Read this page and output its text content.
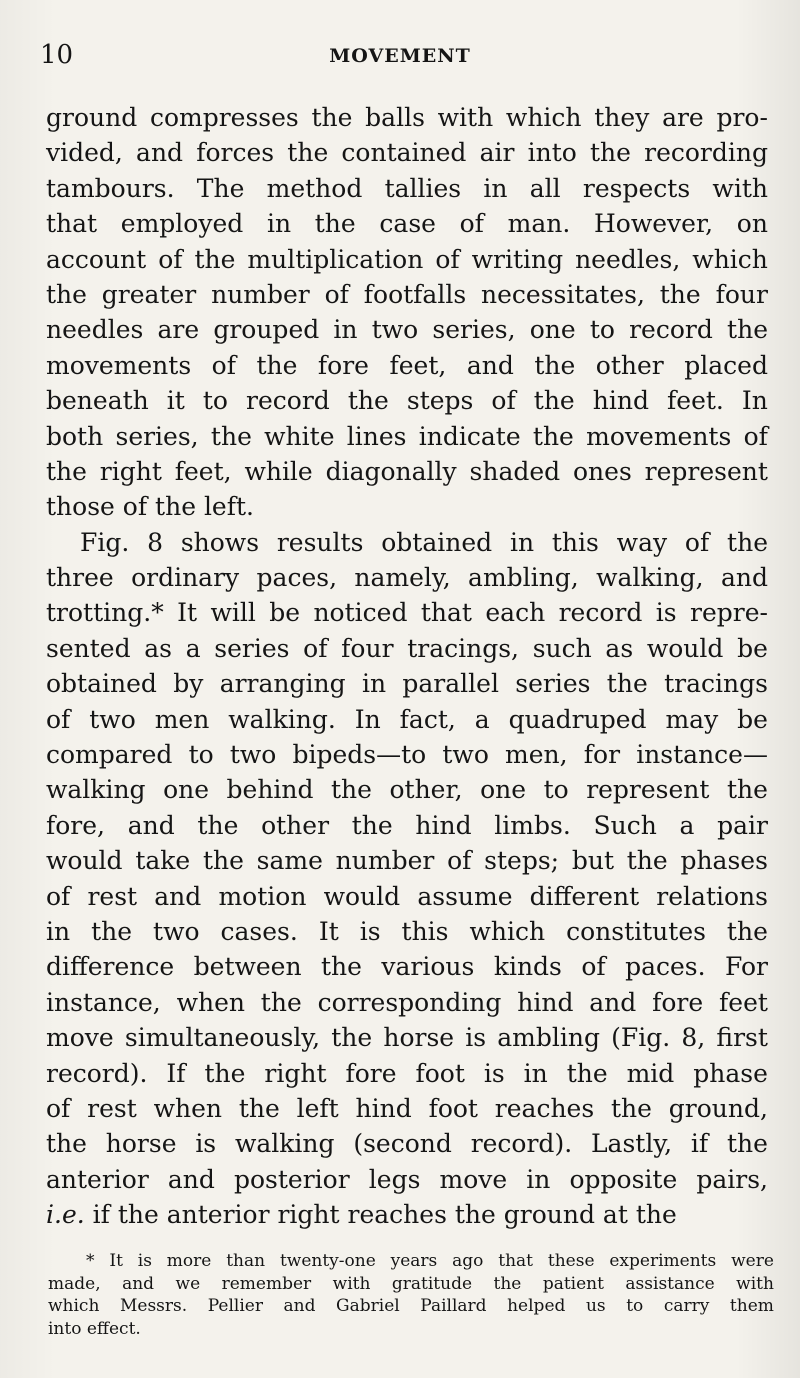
10	MOVEMENT
ground compresses the balls with which they are pro-
vided, and forces the contained air into the recording
tambours. The method tallies in all respects with
that employed in the case of man. However, on
account of the multiplication of writing needles, which
the greater number of footfalls necessitates, the four
needles are grouped in two series, one to record the
movements of the fore feet, and the other placed
beneath it to record the steps of the hind feet. In
both series, the white lines indicate the movements of
the right feet, while diagonally shaded ones represent
those of the left.
Fig. 8 shows results obtained in this way of the
three ordinary paces, namely, ambling, walking, and
trotting.* It will be noticed that each record is repre-
sented as a series of four tracings, such as would be
obtained by arranging in parallel series the tracings
of two men walking. In fact, a quadruped may be
compared to two bipeds—to two men, for instance—
walking one behind the other, one to represent the
fore, and the other the hind limbs. Such a pair
would take the same number of steps; but the phases
of rest and motion would assume different relations
in the two cases. It is this which constitutes the
difference between the various kinds of paces. For
instance, when the corresponding hind and fore feet
move simultaneously, the horse is ambling (Fig. 8, first
record). If the right fore foot is in the mid phase
of rest when the left hind foot reaches the ground,
the horse is walking (second record). Lastly, if the
anterior and posterior legs move in opposite pairs,
i.e. if the anterior right reaches the ground at the
* It is more than twenty-one years ago that these experiments were
made, and we remember with gratitude the patient assistance with
which Messrs. Pellier and Gabriel Paillard helped us to carry them
into effect.
